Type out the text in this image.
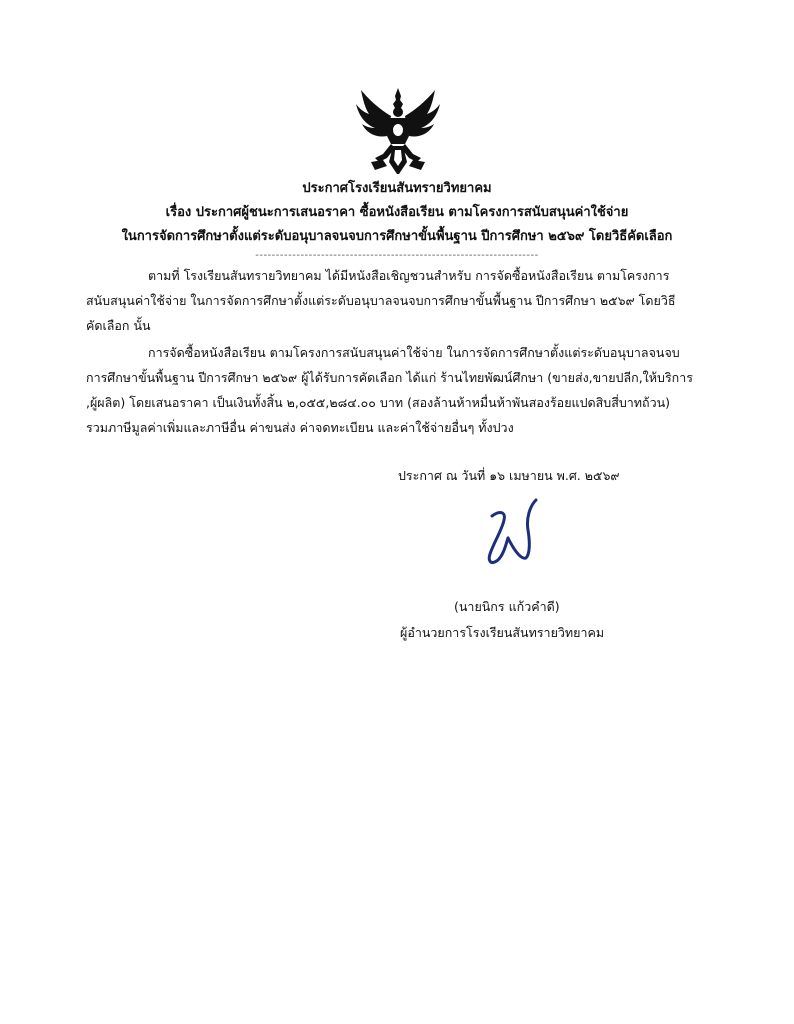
ประกาศโรงเรียนสันทรายวิทยาคม
เรื่อง ประกาศผู้ชนะการเสนอราคา ซื้อหนังสือเรียน ตามโครงการสนับสนุนค่าใช้จ่าย
ในการจัดการศึกษาตั้งแต่ระดับอนุบาลจนจบการศึกษาขั้นพื้นฐาน ปีการศึกษา ๒๕๖๙ โดยวิธีคัดเลือก
---------------------------------------------------------------------
ตามที่ โรงเรียนสันทรายวิทยาคม ได้มีหนังสือเชิญชวนสำหรับ การจัดซื้อหนังสือเรียน ตามโครงการ
สนับสนุนค่าใช้จ่าย ในการจัดการศึกษาตั้งแต่ระดับอนุบาลจนจบการศึกษาขั้นพื้นฐาน ปีการศึกษา ๒๕๖๙ โดยวิธี
คัดเลือก นั้น
การจัดซื้อหนังสือเรียน ตามโครงการสนับสนุนค่าใช้จ่าย ในการจัดการศึกษาตั้งแต่ระดับอนุบาลจนจบ
การศึกษาขั้นพื้นฐาน ปีการศึกษา ๒๕๖๙ ผู้ได้รับการคัดเลือก ได้แก่ ร้านไทยพัฒน์ศึกษา (ขายส่ง,ขายปลีก,ให้บริการ
,ผู้ผลิต) โดยเสนอราคา เป็นเงินทั้งสิ้น ๒,๐๕๕,๒๘๔.๐๐ บาท (สองล้านห้าหมื่นห้าพันสองร้อยแปดสิบสี่บาทถ้วน)
รวมภาษีมูลค่าเพิ่มและภาษีอื่น ค่าขนส่ง ค่าจดทะเบียน และค่าใช้จ่ายอื่นๆ ทั้งปวง
ประกาศ ณ วันที่ ๑๖ เมษายน พ.ศ. ๒๕๖๙
(นายนิกร แก้วคำดี)
ผู้อำนวยการโรงเรียนสันทรายวิทยาคม
